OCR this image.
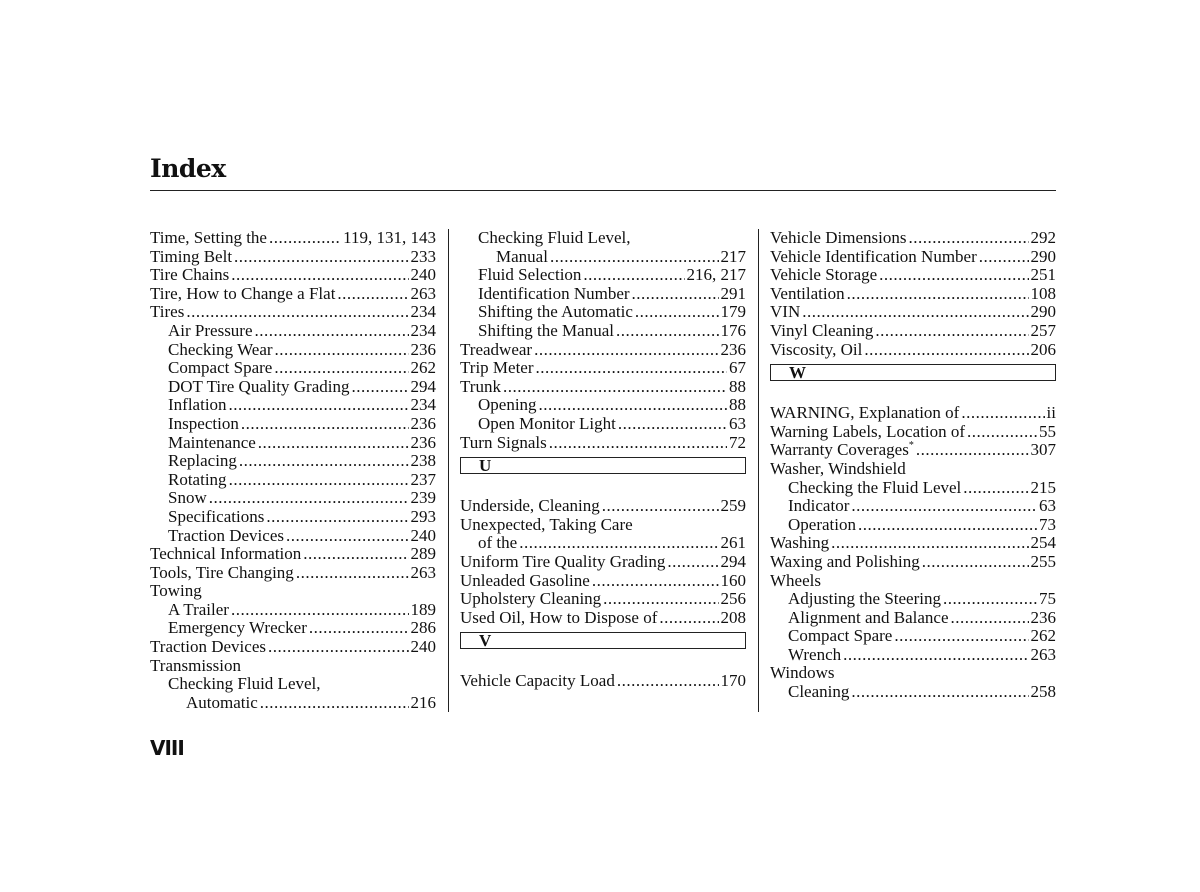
Index
Time, Setting the .....	119, 131, 143
Timing Belt .....	233
Tire Chains .....	240
Tire, How to Change a Flat .....	263
Tires .....	234
Air Pressure .....	234
Checking Wear .....	236
Compact Spare .....	262
DOT Tire Quality Grading .....	294
Inflation .....	234
Inspection .....	236
Maintenance .....	236
Replacing .....	238
Rotating .....	237
Snow .....	239
Specifications .....	293
Traction Devices .....	240
Technical Information .....	289
Tools, Tire Changing .....	263
Towing
A Trailer .....	189
Emergency Wrecker .....	286
Traction Devices .....	240
Transmission
Checking Fluid Level,
Automatic .....	216
Checking Fluid Level,
Manual .....	217
Fluid Selection .....	216, 217
Identification Number .....	291
Shifting the Automatic .....	179
Shifting the Manual .....	176
Treadwear .....	236
Trip Meter .....	67
Trunk .....	88
Opening .....	88
Open Monitor Light .....	63
Turn Signals .....	72
U
Underside, Cleaning .....	259
Unexpected, Taking Care
of the .....	261
Uniform Tire Quality Grading .....	294
Unleaded Gasoline .....	160
Upholstery Cleaning .....	256
Used Oil, How to Dispose of .....	208
V
Vehicle Capacity Load .....	170
Vehicle Dimensions .....	292
Vehicle Identification Number .....	290
Vehicle Storage .....	251
Ventilation .....	108
VIN .....	290
Vinyl Cleaning .....	257
Viscosity, Oil .....	206
W
WARNING, Explanation of .....	ii
Warning Labels, Location of .....	55
Warranty Coverages* .....	307
Washer, Windshield
Checking the Fluid Level .....	215
Indicator .....	63
Operation .....	73
Washing .....	254
Waxing and Polishing .....	255
Wheels
Adjusting the Steering .....	75
Alignment and Balance .....	236
Compact Spare .....	262
Wrench .....	263
Windows
Cleaning .....	258
VIII
